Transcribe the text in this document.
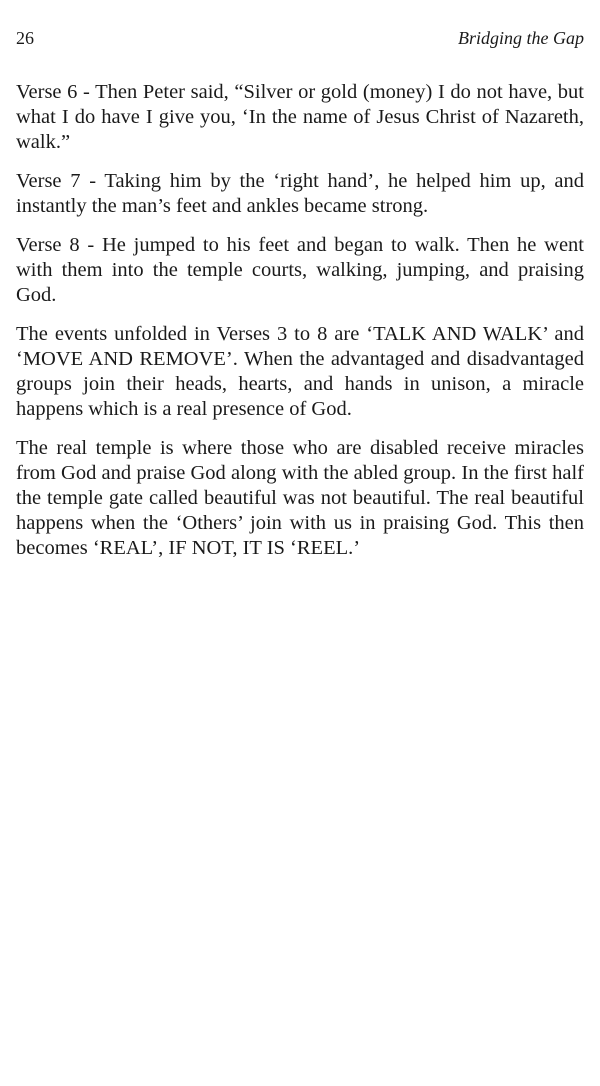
26	Bridging the Gap

Verse 6 - Then Peter said, “Silver or gold (money) I do not have, but what I do have I give you, ‘In the name of Jesus Christ of Nazareth, walk.”

Verse 7 - Taking him by the ‘right hand’, he helped him up, and instantly the man’s feet and ankles became strong.

Verse 8 - He jumped to his feet and began to walk. Then he went with them into the temple courts, walking, jumping, and praising God.

The events unfolded in Verses 3 to 8 are ‘TALK AND WALK’ and ‘MOVE AND REMOVE’. When the advantaged and disadvantaged groups join their heads, hearts, and hands in unison, a miracle happens which is a real presence of God.

The real temple is where those who are disabled receive miracles from God and praise God along with the abled group. In the first half the temple gate called beautiful was not beautiful. The real beautiful happens when the ‘Others’ join with us in praising God. This then becomes ‘REAL’, IF NOT, IT IS ‘REEL.’
